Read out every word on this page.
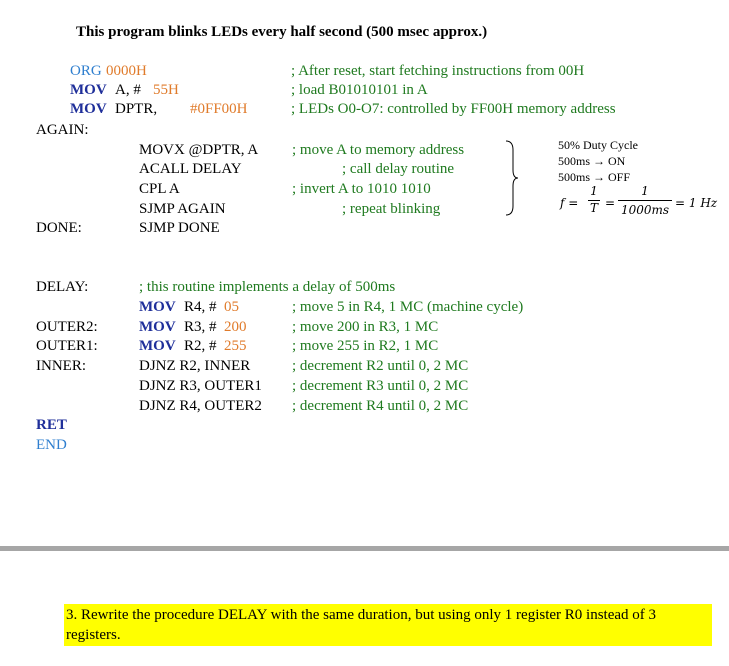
This program blinks LEDs every half second (500 msec approx.)
ORG 0000H	; After reset, start fetching instructions from 00H
MOV A, # 55H	; load B01010101 in A
MOV DPTR, #0FF00H	; LEDs O0-O7: controlled by FF00H memory address
AGAIN:
MOVX @DPTR, A ; move A to memory address
ACALL DELAY	; call delay routine
CPL A	; invert A to 1010 1010
SJMP AGAIN	; repeat blinking
50% Duty Cycle
500ms → ON
500ms → OFF
f =
1
T =
1
1000ms = 1 Hz
DONE:	SJMP DONE
DELAY:	; this routine implements a delay of 500ms
MOV R4, # 05	; move 5 in R4, 1 MC (machine cycle)
OUTER2:	MOV R3, # 200	; move 200 in R3, 1 MC
OUTER1:	MOV R2, # 255	; move 255 in R2, 1 MC
INNER:	DJNZ R2, INNER	; decrement R2 until 0, 2 MC
DJNZ R3, OUTER1 ; decrement R3 until 0, 2 MC
DJNZ R4, OUTER2 ; decrement R4 until 0, 2 MC
RET
END
3. Rewrite the procedure DELAY with the same duration, but using only 1 register R0 instead of 3 registers.
